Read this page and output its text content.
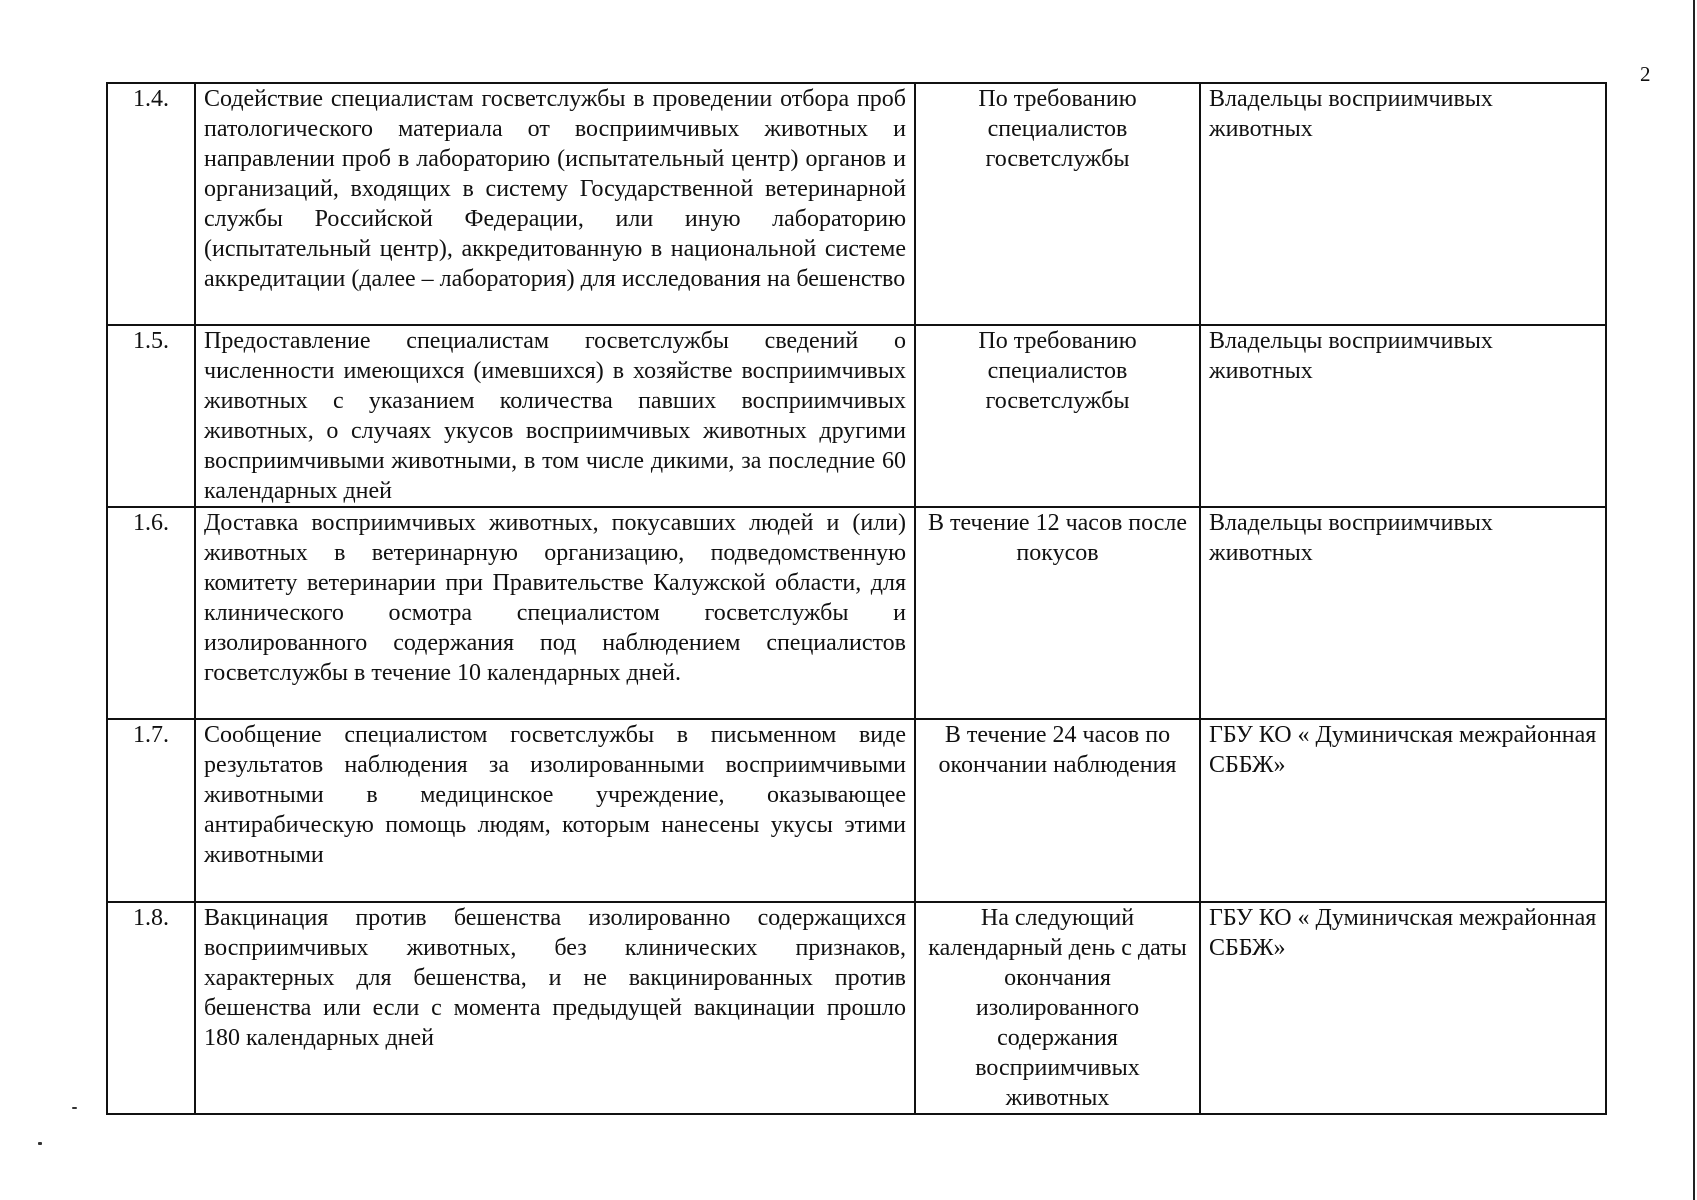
2
1.4.	Содействие специалистам госветслужбы в проведении отбора проб патологического материала от восприимчивых животных и направлении проб в лабораторию (испытательный центр) органов и организаций, входящих в систему Государственной ветеринарной службы Российской Федерации, или иную лабораторию (испытательный центр), аккредитованную в национальной системе аккредитации (далее – лаборатория) для исследования на бешенство	По требованию специалистов госветслужбы	Владельцы восприимчивых животных
1.5.	Предоставление специалистам госветслужбы сведений о численности имеющихся (имевшихся) в хозяйстве восприимчивых животных с указанием количества павших восприимчивых животных, о случаях укусов восприимчивых животных другими восприимчивыми животными, в том числе дикими, за последние 60 календарных дней	По требованию специалистов госветслужбы	Владельцы восприимчивых животных
1.6.	Доставка восприимчивых животных, покусавших людей и (или) животных в ветеринарную организацию, подведомственную комитету ветеринарии при Правительстве Калужской области, для клинического осмотра специалистом госветслужбы и изолированного содержания под наблюдением специалистов госветслужбы в течение 10 календарных дней.	В течение 12 часов после покусов	Владельцы восприимчивых животных
1.7.	Сообщение специалистом госветслужбы в письменном виде результатов наблюдения за изолированными восприимчивыми животными в медицинское учреждение, оказывающее антирабическую помощь людям, которым нанесены укусы этими животными	В течение 24 часов по окончании наблюдения	ГБУ КО « Думиничская межрайонная СББЖ»
1.8.	Вакцинация против бешенства изолированно содержащихся восприимчивых животных, без клинических признаков, характерных для бешенства, и не вакцинированных против бешенства или если с момента предыдущей вакцинации прошло 180 календарных дней	На следующий календарный день с даты окончания изолированного содержания восприимчивых животных	ГБУ КО « Думиничская межрайонная СББЖ»
